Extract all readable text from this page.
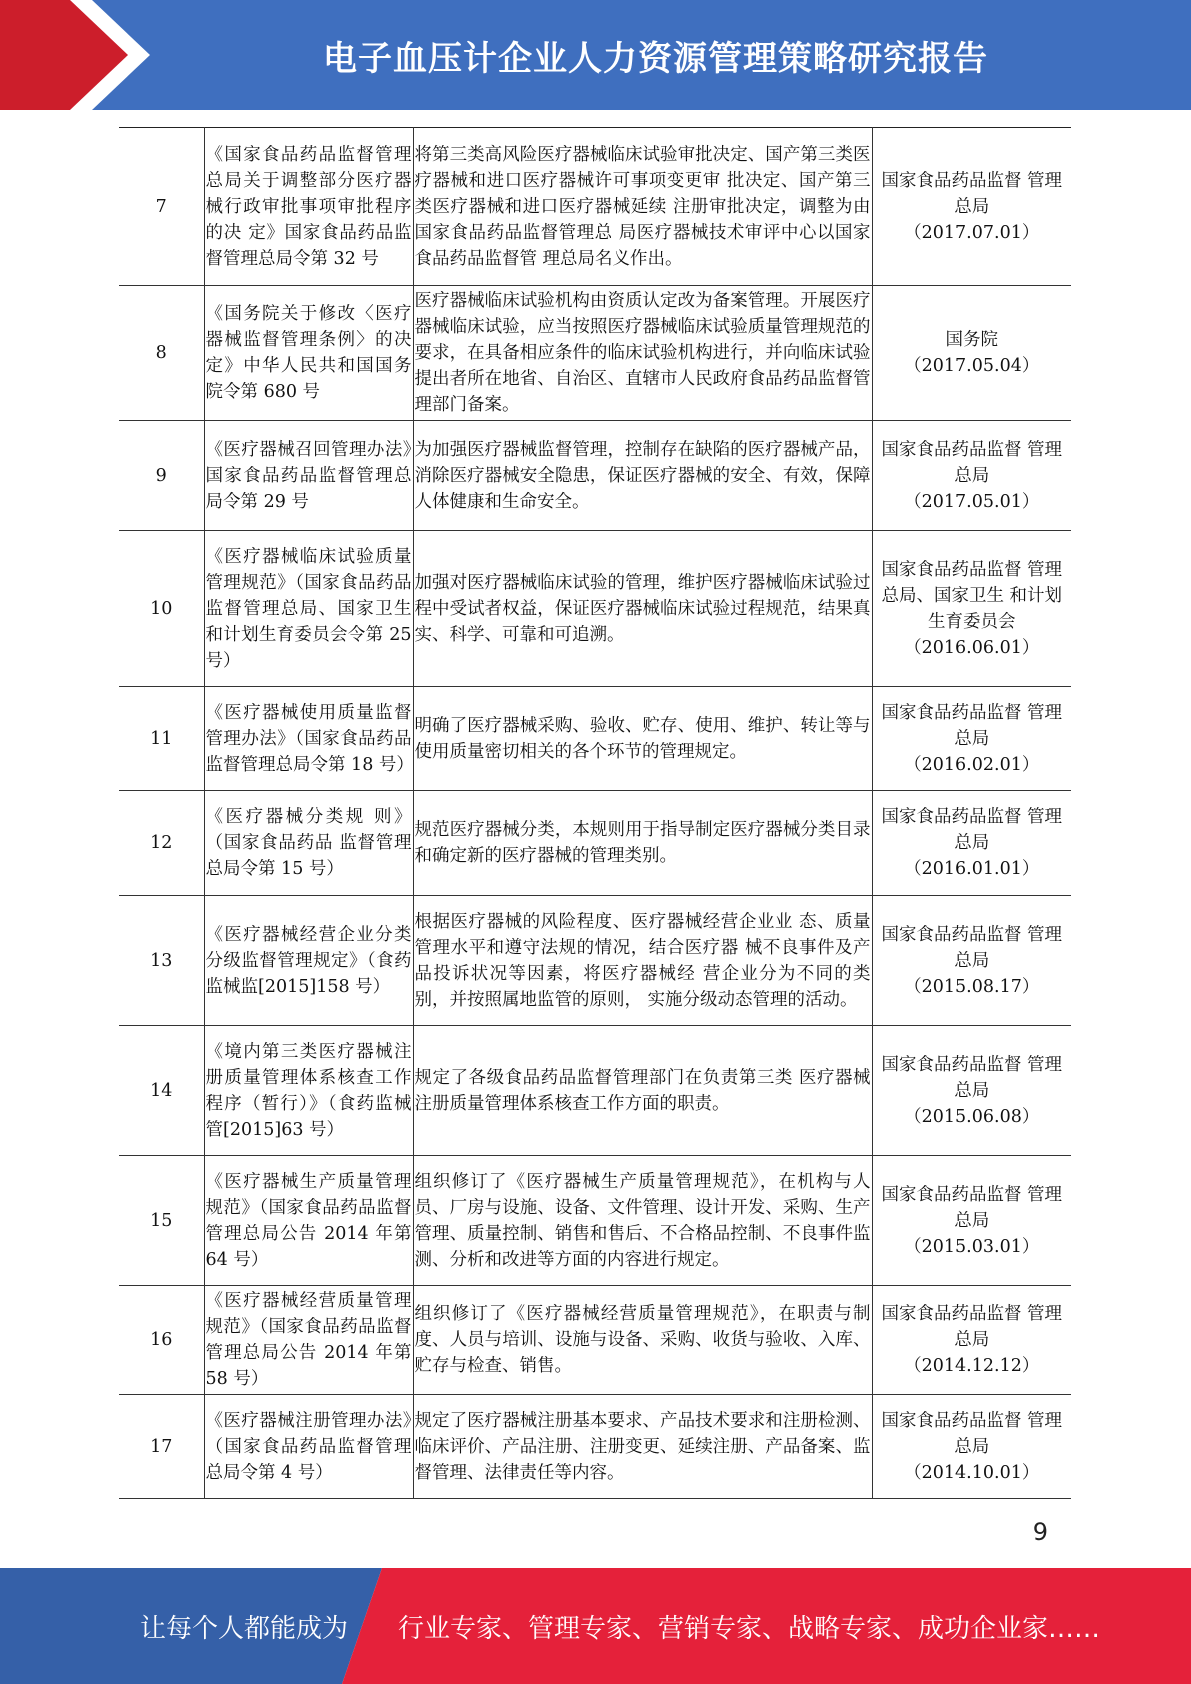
电子血压计企业人力资源管理策略研究报告
7	《国家食品药品监督管理总局关于调整部分医疗器械行政审批事项审批程序的决 定》国家食品药品监 督管理总局令第 32 号	将第三类高风险医疗器械临床试验审批决定、国产第三类医疗器械和进口医疗器械许可事项变更审 批决定、国产第三类医疗器械和进口医疗器械延续 注册审批决定，调整为由国家食品药品监督管理总 局医疗器械技术审评中心以国家食品药品监督管 理总局名义作出。	国家食品药品监督 管理总局
（2017.07.01）

8	《国务院关于修改〈医疗器械监督管理条例〉的决定》中华人民共和国国务院令第 680 号	医疗器械临床试验机构由资质认定改为备案管理。开展医疗器械临床试验，应当按照医疗器械临床试验质量管理规范的要求，在具备相应条件的临床试验机构进行，并向临床试验提出者所在地省、自治区、直辖市人民政府食品药品监督管理部门备案。	国务院
（2017.05.04）

9	《医疗器械召回管理办法》国家食品药品监督管理总局令第 29 号	为加强医疗器械监督管理，控制存在缺陷的医疗器械产品，消除医疗器械安全隐患，保证医疗器械的安全、有效，保障人体健康和生命安全。	国家食品药品监督 管理总局
（2017.05.01）

10	《医疗器械临床试验质量管理规范》（国家食品药品监督管理总局、国家卫生和计划生育委员会令第 25 号）	加强对医疗器械临床试验的管理，维护医疗器械临床试验过程中受试者权益，保证医疗器械临床试验过程规范，结果真实、科学、可靠和可追溯。	国家食品药品监督 管理总局、国家卫生 和计划生育委员会
（2016.06.01）

11	《医疗器械使用质量监督管理办法》（国家食品药品监督管理总局令第 18 号）	明确了医疗器械采购、验收、贮存、使用、维护、转让等与使用质量密切相关的各个环节的管理规定。	国家食品药品监督 管理总局
（2016.02.01）

12	《医疗器械分类规 则》（国家食品药品 监督管理总局令第 15 号）	规范医疗器械分类，本规则用于指导制定医疗器械分类目录和确定新的医疗器械的管理类别。	国家食品药品监督 管理总局
（2016.01.01）

13	《医疗器械经营企业分类分级监督管理规定》（食药监械监[2015]158 号）	根据医疗器械的风险程度、医疗器械经营企业业 态、质量管理水平和遵守法规的情况，结合医疗器 械不良事件及产品投诉状况等因素，将医疗器械经 营企业分为不同的类别，并按照属地监管的原则， 实施分级动态管理的活动。	国家食品药品监督 管理总局
（2015.08.17）

14	《境内第三类医疗器械注册质量管理体系核查工作程序（暂行）》（食药监械管[2015]63 号）	规定了各级食品药品监督管理部门在负责第三类 医疗器械注册质量管理体系核查工作方面的职责。	国家食品药品监督 管理总局
（2015.06.08）

15	《医疗器械生产质量管理规范》（国家食品药品监督管理总局公告 2014 年第 64 号）	组织修订了《医疗器械生产质量管理规范》，在机构与人员、厂房与设施、设备、文件管理、设计开发、采购、生产管理、质量控制、销售和售后、不合格品控制、不良事件监测、分析和改进等方面的内容进行规定。	国家食品药品监督 管理总局
（2015.03.01）

16	《医疗器械经营质量管理规范》（国家食品药品监督管理总局公告 2014 年第 58 号）	组织修订了《医疗器械经营质量管理规范》，在职责与制度、人员与培训、设施与设备、采购、收货与验收、入库、贮存与检查、销售。	国家食品药品监督 管理总局
（2014.12.12）

17	《医疗器械注册管理办法》（国家食品药品监督管理总局令第 4 号）	规定了医疗器械注册基本要求、产品技术要求和注册检测、临床评价、产品注册、注册变更、延续注册、产品备案、监督管理、法律责任等内容。	国家食品药品监督 管理总局
（2014.10.01）
9
让每个人都能成为 行业专家、管理专家、营销专家、战略专家、成功企业家……
